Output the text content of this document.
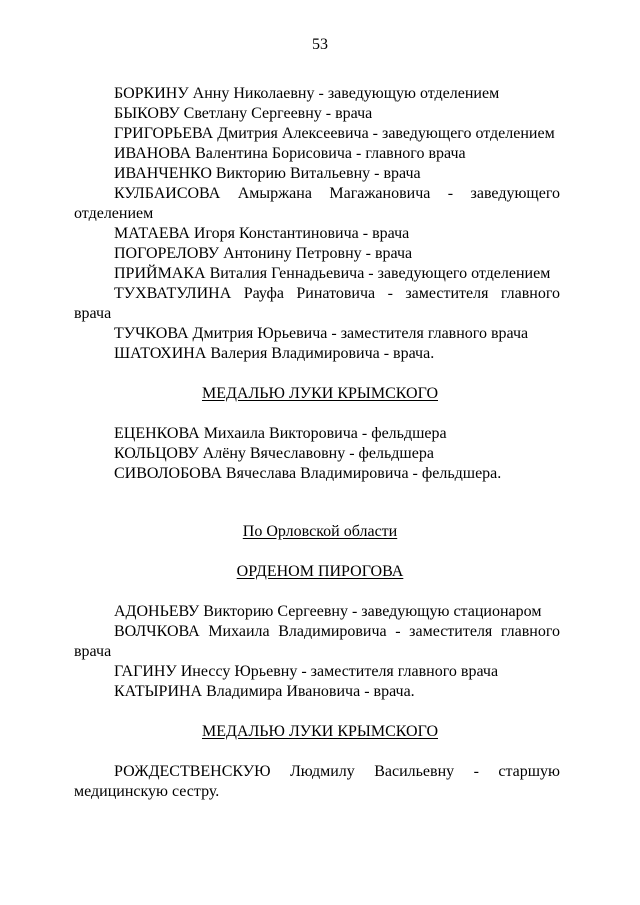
53
БОРКИНУ Анну Николаевну - заведующую отделением
БЫКОВУ Светлану Сергеевну - врача
ГРИГОРЬЕВА Дмитрия Алексеевича - заведующего отделением
ИВАНОВА Валентина Борисовича - главного врача
ИВАНЧЕНКО Викторию Витальевну - врача
КУЛБАИСОВА Амыржана Магажановича - заведующего
отделением
МАТАЕВА Игоря Константиновича - врача
ПОГОРЕЛОВУ Антонину Петровну - врача
ПРИЙМАКА Виталия Геннадьевича - заведующего отделением
ТУХВАТУЛИНА Рауфа Ринатовича - заместителя главного
врача
ТУЧКОВА Дмитрия Юрьевича - заместителя главного врача
ШАТОХИНА Валерия Владимировича - врача.
МЕДАЛЬЮ ЛУКИ КРЫМСКОГО
ЕЦЕНКОВА Михаила Викторовича - фельдшера
КОЛЬЦОВУ Алёну Вячеславовну - фельдшера
СИВОЛОБОВА Вячеслава Владимировича - фельдшера.
По Орловской области
ОРДЕНОМ ПИРОГОВА
АДОНЬЕВУ Викторию Сергеевну - заведующую стационаром
ВОЛЧКОВА Михаила Владимировича - заместителя главного
врача
ГАГИНУ Инессу Юрьевну - заместителя главного врача
КАТЫРИНА Владимира Ивановича - врача.
МЕДАЛЬЮ ЛУКИ КРЫМСКОГО
РОЖДЕСТВЕНСКУЮ Людмилу Васильевну - старшую
медицинскую сестру.
